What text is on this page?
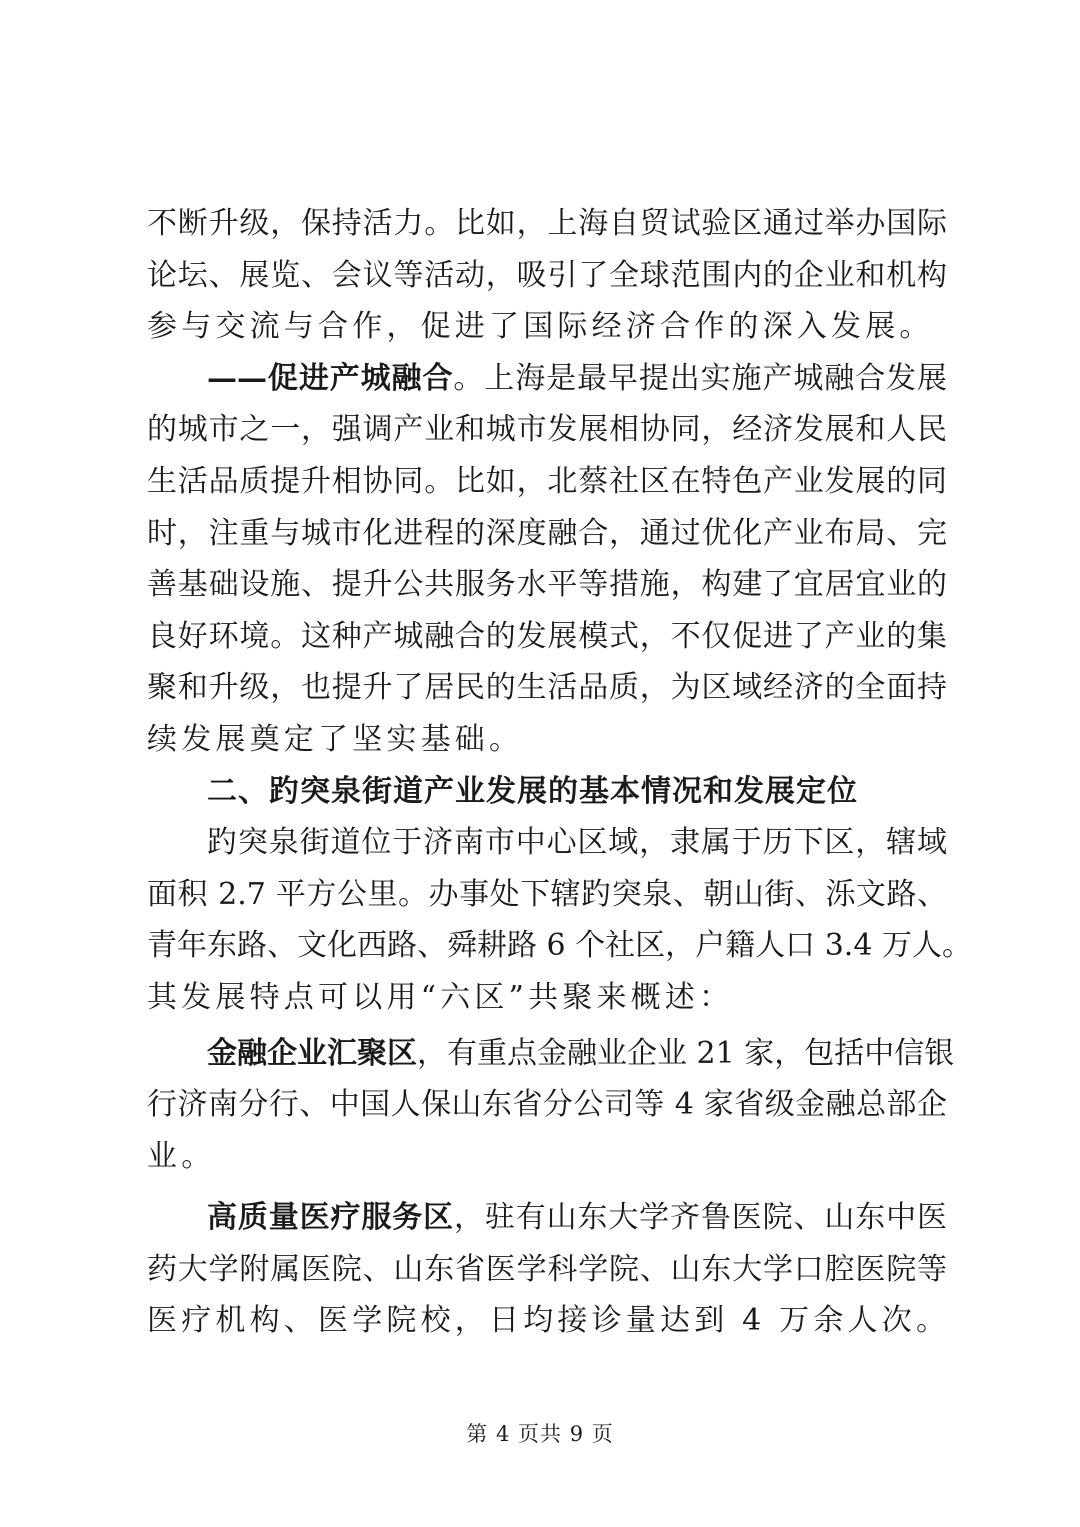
不断升级，保持活力。比如，上海自贸试验区通过举办国际
论坛、展览、会议等活动，吸引了全球范围内的企业和机构
参与交流与合作，促进了国际经济合作的深入发展。
——促进产城融合。上海是最早提出实施产城融合发展
的城市之一，强调产业和城市发展相协同，经济发展和人民
生活品质提升相协同。比如，北蔡社区在特色产业发展的同
时，注重与城市化进程的深度融合，通过优化产业布局、完
善基础设施、提升公共服务水平等措施，构建了宜居宜业的
良好环境。这种产城融合的发展模式，不仅促进了产业的集
聚和升级，也提升了居民的生活品质，为区域经济的全面持
续发展奠定了坚实基础。
二、趵突泉街道产业发展的基本情况和发展定位
趵突泉街道位于济南市中心区域，隶属于历下区，辖域
面积 2.7 平方公里。办事处下辖趵突泉、朝山街、泺文路、
青年东路、文化西路、舜耕路 6 个社区，户籍人口 3.4 万人。
其发展特点可以用“六区”共聚来概述：
金融企业汇聚区，有重点金融业企业 21 家，包括中信银
行济南分行、中国人保山东省分公司等 4 家省级金融总部企
业。
高质量医疗服务区，驻有山东大学齐鲁医院、山东中医
药大学附属医院、山东省医学科学院、山东大学口腔医院等
医疗机构、医学院校，日均接诊量达到 4 万余人次。
第 4 页共 9 页
